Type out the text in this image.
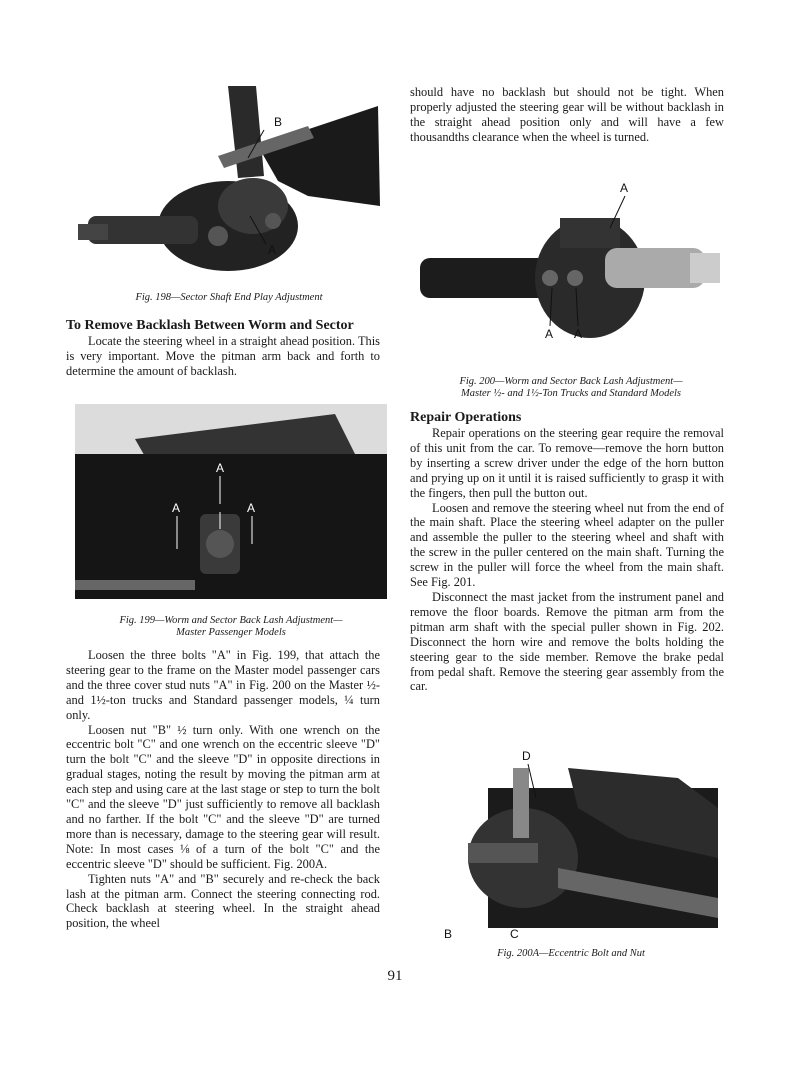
B
A
Fig. 198—Sector Shaft End Play Adjustment
To Remove Backlash Between Worm and Sector

Locate the steering wheel in a straight ahead position. This is very important. Move the pitman arm back and forth to determine the amount of backlash.

A
A	A
Fig. 199—Worm and Sector Back Lash Adjustment—
Master Passenger Models

Loosen the three bolts "A" in Fig. 199, that attach the steering gear to the frame on the Master model passenger cars and the three cover stud nuts "A" in Fig. 200 on the Master ½- and 1½-ton trucks and Standard passenger models, ¼ turn only.

Loosen nut "B" ½ turn only. With one wrench on the eccentric bolt "C" and one wrench on the eccentric sleeve "D" turn the bolt "C" and the sleeve "D" in opposite directions in gradual stages, noting the result by moving the pitman arm at each step and using care at the last stage or step to turn the bolt "C" and the sleeve "D" just sufficiently to remove all backlash and no farther. If the bolt "C" and the sleeve "D" are turned more than is necessary, damage to the steering gear will result. Note: In most cases ⅛ of a turn of the bolt "C" and the eccentric sleeve "D" should be sufficient. Fig. 200A.

Tighten nuts "A" and "B" securely and re-check the back lash at the pitman arm. Connect the steering connecting rod. Check backlash at steering wheel. In the straight ahead position, the wheel

should have no backlash but should not be tight. When properly adjusted the steering gear will be without backlash in the straight ahead position only and will have a few thousandths clearance when the wheel is turned.

A
A A
Fig. 200—Worm and Sector Back Lash Adjustment—
Master ½- and 1½-Ton Trucks and Standard Models
Repair Operations

Repair operations on the steering gear require the removal of this unit from the car. To remove—remove the horn button by inserting a screw driver under the edge of the horn button and prying up on it until it is raised sufficiently to grasp it with the fingers, then pull the button out.

Loosen and remove the steering wheel nut from the end of the main shaft. Place the steering wheel adapter on the puller and assemble the puller to the steering wheel and shaft with the screw in the puller centered on the main shaft. Turning the screw in the puller will force the wheel from the main shaft. See Fig. 201.

Disconnect the mast jacket from the instrument panel and remove the floor boards. Remove the pitman arm from the pitman arm shaft with the special puller shown in Fig. 202. Disconnect the horn wire and remove the bolts holding the steering gear to the side member. Remove the brake pedal from pedal shaft. Remove the steering gear assembly from the car.

D
B	C
Fig. 200A—Eccentric Bolt and Nut
91
